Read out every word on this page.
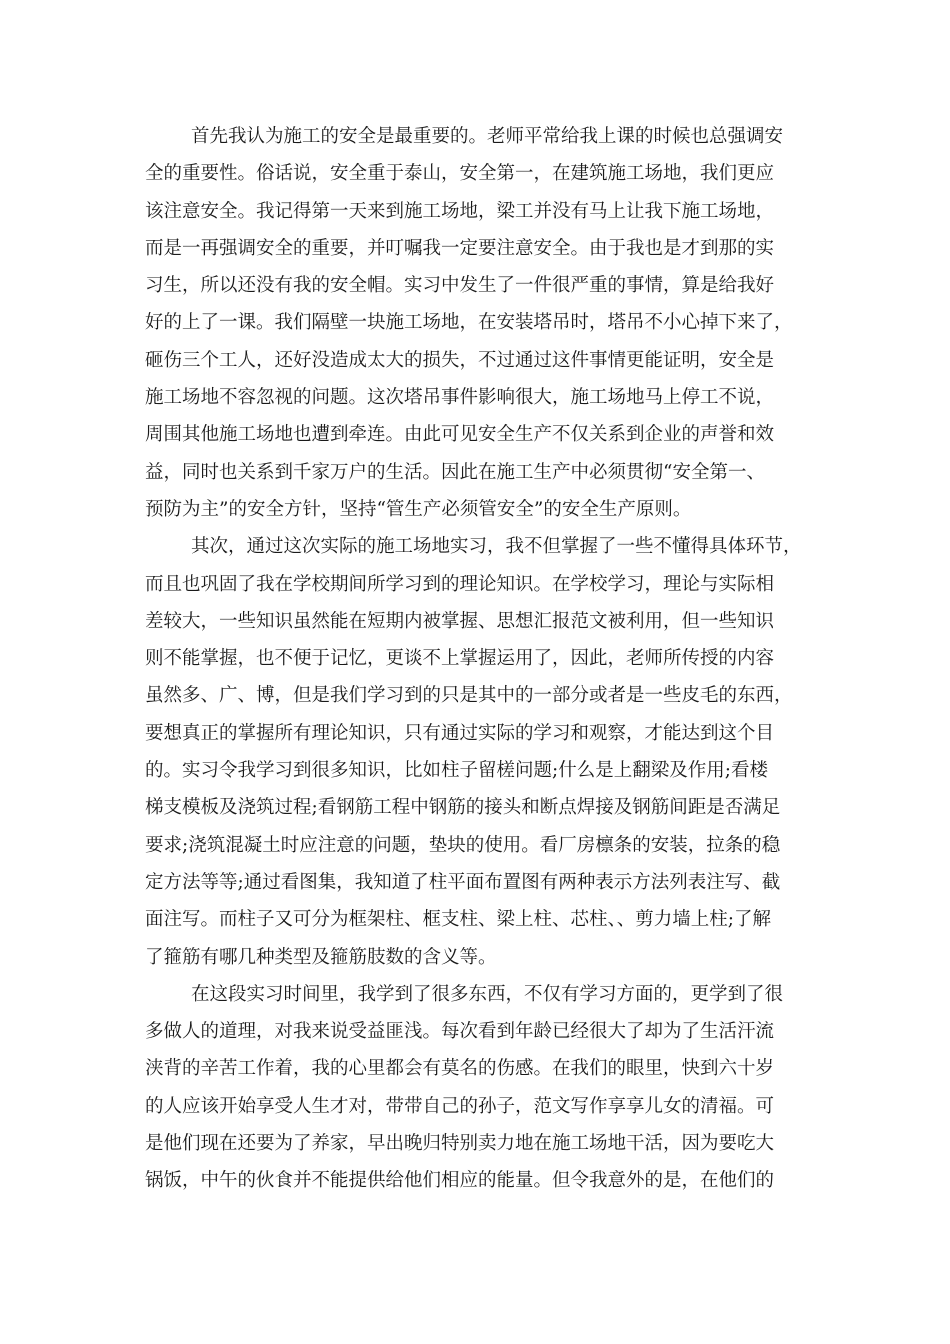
首先我认为施工的安全是最重要的。老师平常给我上课的时候也总强调安
全的重要性。俗话说，安全重于泰山，安全第一，在建筑施工场地，我们更应
该注意安全。我记得第一天来到施工场地，梁工并没有马上让我下施工场地，
而是一再强调安全的重要，并叮嘱我一定要注意安全。由于我也是才到那的实
习生，所以还没有我的安全帽。实习中发生了一件很严重的事情，算是给我好
好的上了一课。我们隔壁一块施工场地，在安装塔吊时，塔吊不小心掉下来了，
砸伤三个工人，还好没造成太大的损失，不过通过这件事情更能证明，安全是
施工场地不容忽视的问题。这次塔吊事件影响很大，施工场地马上停工不说，
周围其他施工场地也遭到牵连。由此可见安全生产不仅关系到企业的声誉和效
益，同时也关系到千家万户的生活。因此在施工生产中必须贯彻“安全第一、
预防为主”的安全方针，坚持“管生产必须管安全”的安全生产原则。
其次，通过这次实际的施工场地实习，我不但掌握了一些不懂得具体环节，
而且也巩固了我在学校期间所学习到的理论知识。在学校学习，理论与实际相
差较大，一些知识虽然能在短期内被掌握、思想汇报范文被利用，但一些知识
则不能掌握，也不便于记忆，更谈不上掌握运用了，因此，老师所传授的内容
虽然多、广、博，但是我们学习到的只是其中的一部分或者是一些皮毛的东西，
要想真正的掌握所有理论知识，只有通过实际的学习和观察，才能达到这个目
的。实习令我学习到很多知识，比如柱子留槎问题;什么是上翻梁及作用;看楼
梯支模板及浇筑过程;看钢筋工程中钢筋的接头和断点焊接及钢筋间距是否满足
要求;浇筑混凝土时应注意的问题，垫块的使用。看厂房檩条的安装，拉条的稳
定方法等等;通过看图集，我知道了柱平面布置图有两种表示方法列表注写、截
面注写。而柱子又可分为框架柱、框支柱、梁上柱、芯柱、、剪力墙上柱;了解
了箍筋有哪几种类型及箍筋肢数的含义等。
在这段实习时间里，我学到了很多东西，不仅有学习方面的，更学到了很
多做人的道理，对我来说受益匪浅。每次看到年龄已经很大了却为了生活汗流
浃背的辛苦工作着，我的心里都会有莫名的伤感。在我们的眼里，快到六十岁
的人应该开始享受人生才对，带带自己的孙子，范文写作享享儿女的清福。可
是他们现在还要为了养家，早出晚归特别卖力地在施工场地干活，因为要吃大
锅饭，中午的伙食并不能提供给他们相应的能量。但令我意外的是，在他们的
